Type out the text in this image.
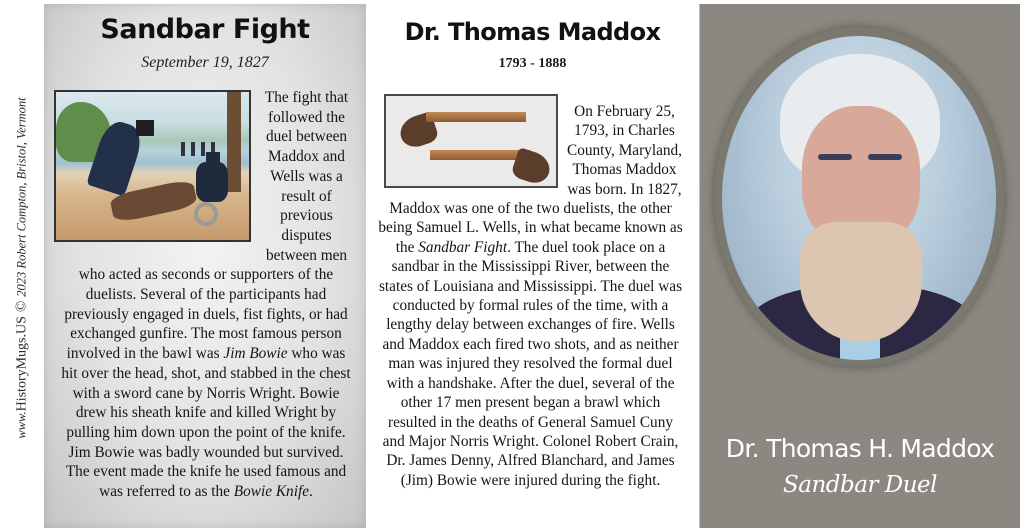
www.HistoryMugs.US©2023 Robert Compton, Bristol, Vermont
Sandbar Fight
September 19, 1827
The fight that followed the duel between Maddox and Wells was a result of previous disputes between men who acted as seconds or supporters of the duelists. Several of the participants had previously engaged in duels, fist fights, or had exchanged gunfire. The most famous person involved in the bawl was Jim Bowie who was hit over the head, shot, and stabbed in the chest with a sword cane by Norris Wright. Bowie drew his sheath knife and killed Wright by pulling him down upon the point of the knife. Jim Bowie was badly wounded but survived. The event made the knife he used famous and was referred to as the Bowie Knife.
Dr. Thomas Maddox
1793 - 1888
On February 25, 1793, in Charles County, Maryland, Thomas Maddox was born. In 1827, Maddox was one of the two duelists, the other being Samuel L. Wells, in what became known as the Sandbar Fight. The duel took place on a sandbar in the Mississippi River, between the states of Louisiana and Mississippi. The duel was conducted by formal rules of the time, with a lengthy delay between exchanges of fire. Wells and Maddox each fired two shots, and as neither man was injured they resolved the formal duel with a handshake. After the duel, several of the other 17 men present began a brawl which resulted in the deaths of General Samuel Cuny and Major Norris Wright. Colonel Robert Crain, Dr. James Denny, Alfred Blanchard, and James (Jim) Bowie were injured during the fight.
Dr. Thomas H. Maddox
Sandbar Duel
